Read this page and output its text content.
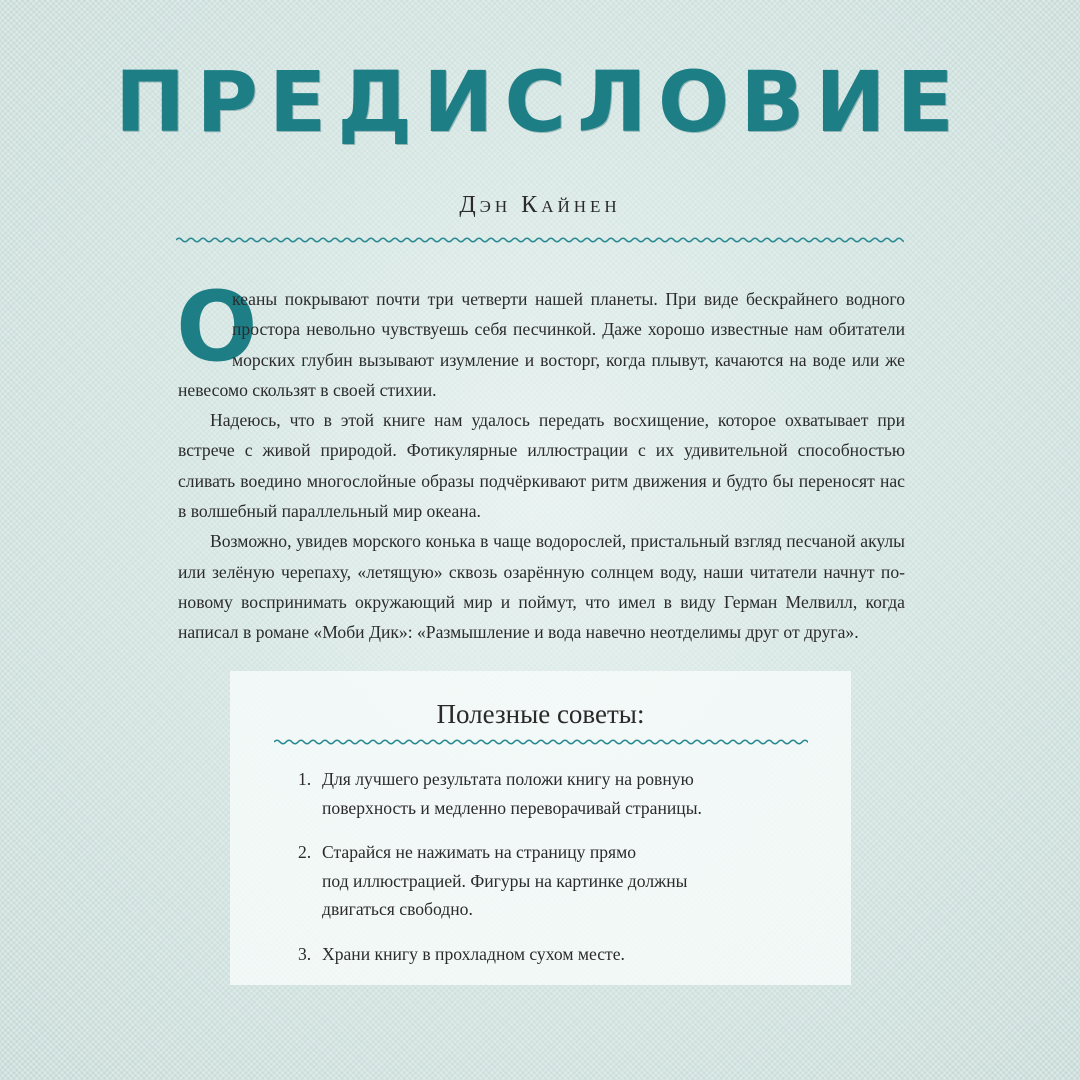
ПРЕДИСЛОВИЕ
Дэн Кайнен

О
кеаны покрывают почти три четверти нашей планеты. При виде бескрайнего водного простора невольно чувствуешь себя песчинкой. Даже хорошо известные нам обитатели морских глубин вызывают изумление и восторг, когда плывут, качаются на воде или же невесомо скользят в своей стихии.

Надеюсь, что в этой книге нам удалось передать восхищение, которое охватывает при встрече с живой природой. Фотикулярные иллюстрации с их удивительной способностью сливать воедино многослойные образы подчёркивают ритм движения и будто бы переносят нас в волшебный параллельный мир океана.

Возможно, увидев морского конька в чаще водорослей, пристальный взгляд песчаной акулы или зелёную черепаху, «летящую» сквозь озарённую солнцем воду, наши читатели начнут по-новому воспринимать окружающий мир и поймут, что имел в виду Герман Мелвилл, когда написал в романе «Моби Дик»: «Размышление и вода навечно неотделимы друг от друга».

Полезные советы:
1. Для лучшего результата положи книгу на ровную
поверхность и медленно переворачивай страницы.
2. Старайся не нажимать на страницу прямо
под иллюстрацией. Фигуры на картинке должны
двигаться свободно.
3. Храни книгу в прохладном сухом месте.
